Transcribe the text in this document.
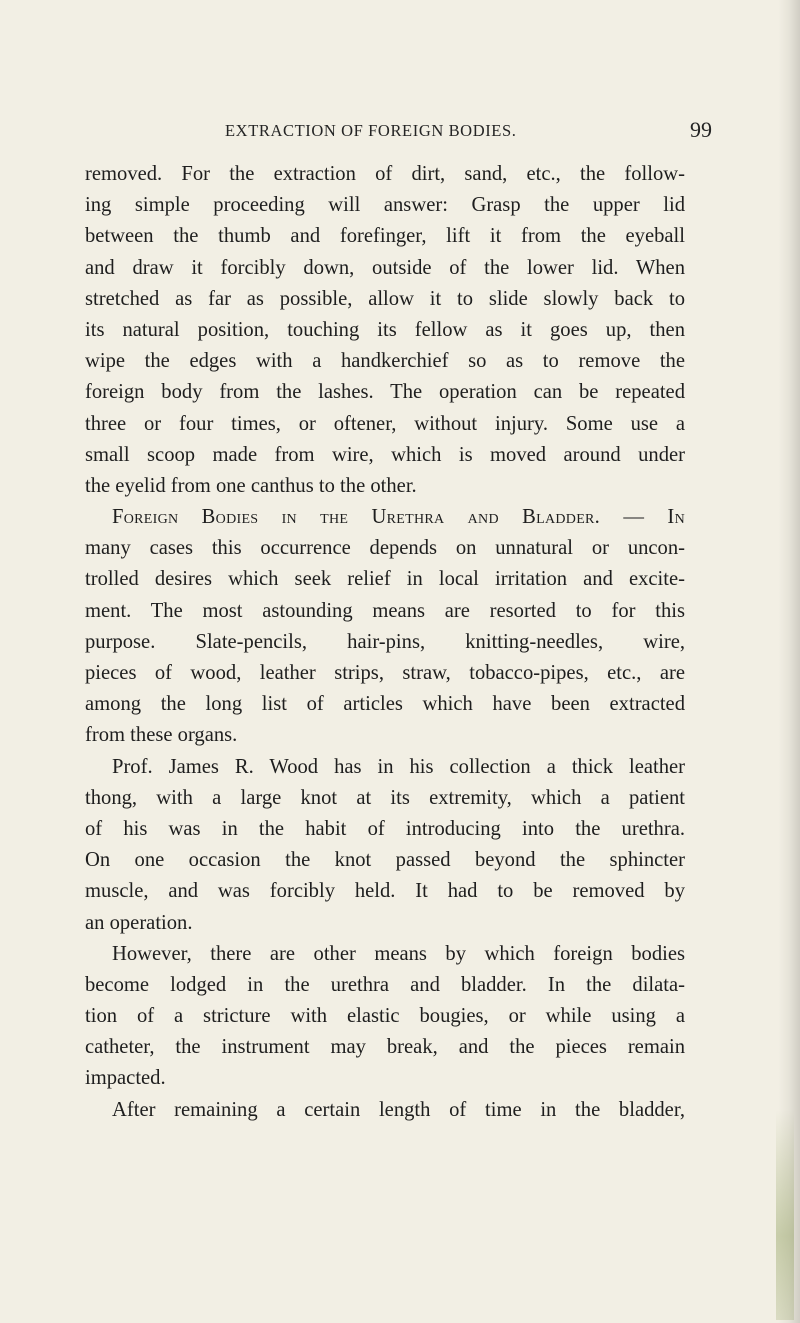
EXTRACTION OF FOREIGN BODIES.	99
removed. For the extraction of dirt, sand, etc., the follow-
ing simple proceeding will answer: Grasp the upper lid
between the thumb and forefinger, lift it from the eyeball
and draw it forcibly down, outside of the lower lid. When
stretched as far as possible, allow it to slide slowly back to
its natural position, touching its fellow as it goes up, then
wipe the edges with a handkerchief so as to remove the
foreign body from the lashes. The operation can be repeated
three or four times, or oftener, without injury. Some use a
small scoop made from wire, which is moved around under
the eyelid from one canthus to the other.
Foreign Bodies in the Urethra and Bladder. — In
many cases this occurrence depends on unnatural or uncon-
trolled desires which seek relief in local irritation and excite-
ment. The most astounding means are resorted to for this
purpose. Slate-pencils, hair-pins, knitting-needles, wire,
pieces of wood, leather strips, straw, tobacco-pipes, etc., are
among the long list of articles which have been extracted
from these organs.
Prof. James R. Wood has in his collection a thick leather
thong, with a large knot at its extremity, which a patient
of his was in the habit of introducing into the urethra.
On one occasion the knot passed beyond the sphincter
muscle, and was forcibly held. It had to be removed by
an operation.
However, there are other means by which foreign bodies
become lodged in the urethra and bladder. In the dilata-
tion of a stricture with elastic bougies, or while using a
catheter, the instrument may break, and the pieces remain
impacted.
After remaining a certain length of time in the bladder,
